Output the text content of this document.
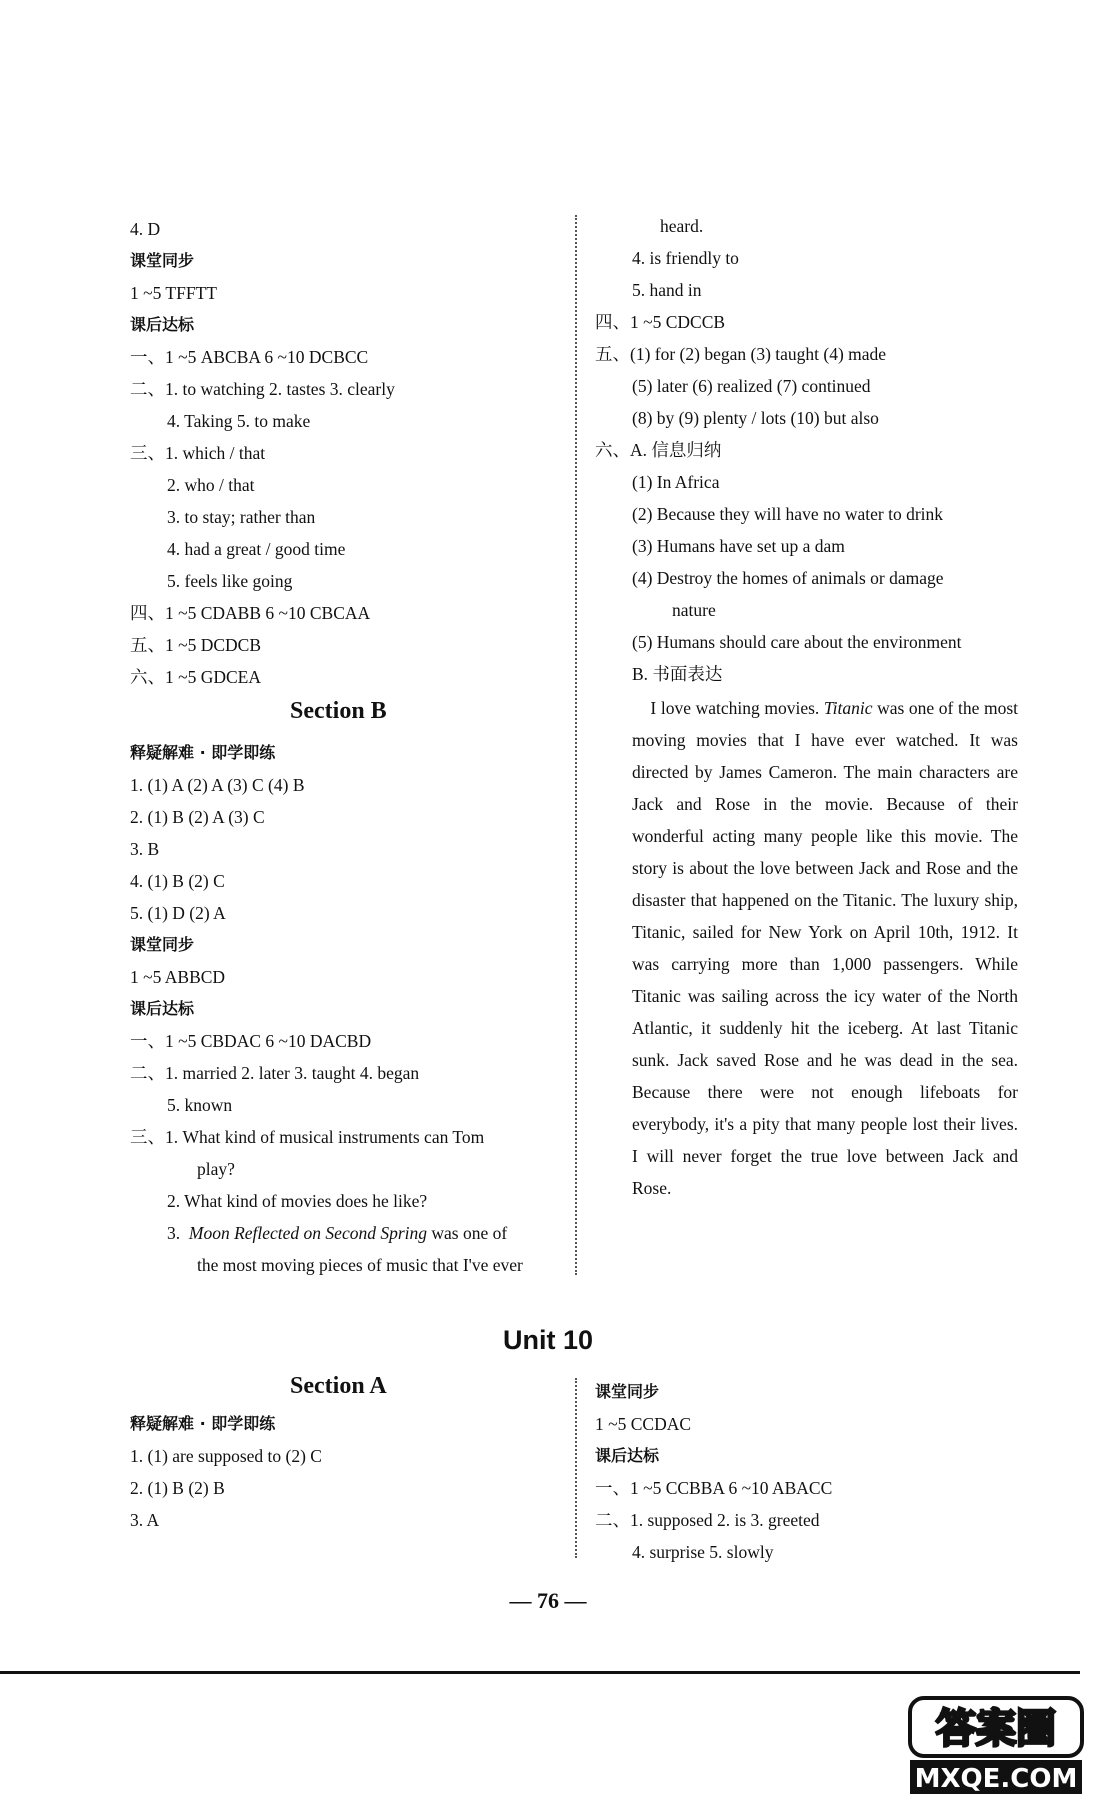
4. D
课堂同步
1 ~5 TFFTT
课后达标
一、1 ~5 ABCBA 6 ~10 DCBCC
二、1. to watching 2. tastes 3. clearly
4. Taking 5. to make
三、1. which / that
2. who / that
3. to stay; rather than
4. had a great / good time
5. feels like going
四、1 ~5 CDABB 6 ~10 CBCAA
五、1 ~5 DCDCB
六、1 ~5 GDCEA
Section B
释疑解难 · 即学即练
1. (1) A (2) A (3) C (4) B
2. (1) B (2) A (3) C
3. B
4. (1) B (2) C
5. (1) D (2) A
课堂同步
1 ~5 ABBCD
课后达标
一、1 ~5 CBDAC 6 ~10 DACBD
二、1. married 2. later 3. taught 4. began
5. known
三、1. What kind of musical instruments can Tom
play?
2. What kind of movies does he like?
3.  Moon Reflected on Second Spring was one of
the most moving pieces of music that I've ever
heard.
4. is friendly to
5. hand in
四、1 ~5 CDCCB
五、(1) for (2) began (3) taught (4) made
(5) later (6) realized (7) continued
(8) by (9) plenty / lots (10) but also
六、A. 信息归纳
(1) In Africa
(2) Because they will have no water to drink
(3) Humans have set up a dam
(4) Destroy the homes of animals or damage
nature
(5) Humans should care about the environment
B. 书面表达
I love watching movies. Titanic was one of the most moving movies that I have ever watched. It was directed by James Cameron. The main characters are Jack and Rose in the movie. Because of their wonderful acting many people like this movie. The story is about the love between Jack and Rose and the disaster that happened on the Titanic. The luxury ship, Titanic, sailed for New York on April 10th, 1912. It was carrying more than 1,000 passengers. While Titanic was sailing across the icy water of the North Atlantic, it suddenly hit the iceberg. At last Titanic sunk. Jack saved Rose and he was dead in the sea. Because there were not enough lifeboats for everybody, it's a pity that many people lost their lives. I will never forget the true love between Jack and Rose.
Unit 10
Section A
释疑解难 · 即学即练
1. (1) are supposed to (2) C
2. (1) B (2) B
3. A
课堂同步
1 ~5 CCDAC
课后达标
一、1 ~5 CCBBA 6 ~10 ABACC
二、1. supposed 2. is 3. greeted
4. surprise 5. slowly
— 76 —
答案圈
MXQE.COM
